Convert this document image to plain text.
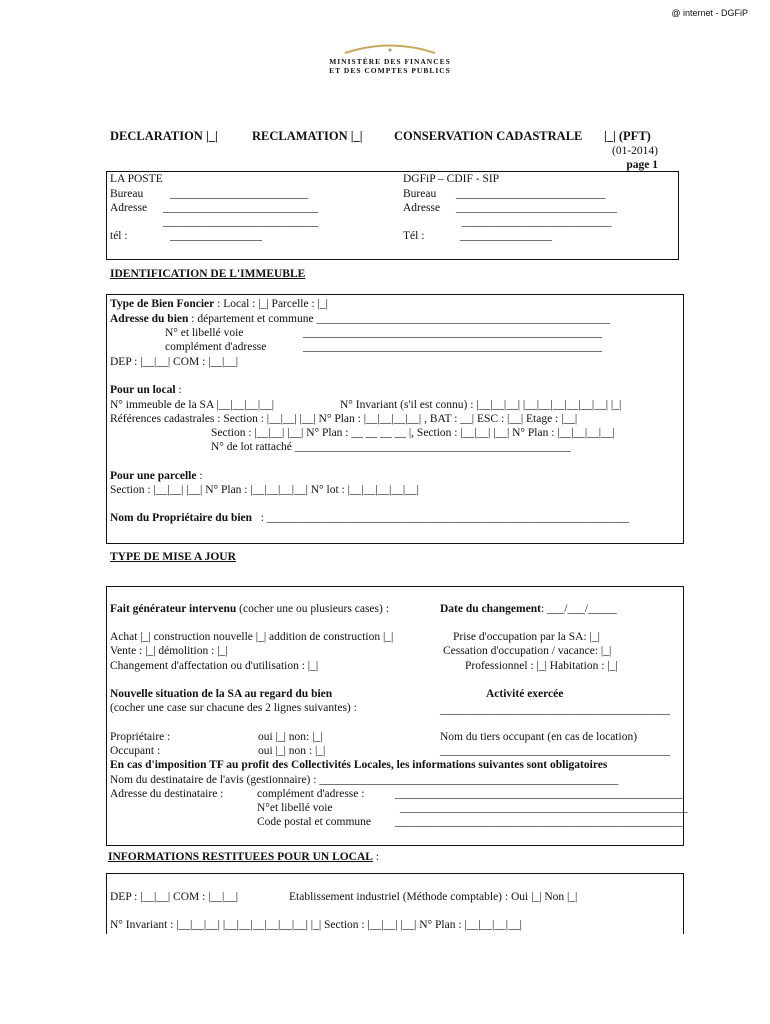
@ internet - DGFiP
MINISTÈRE DES FINANCES
ET DES COMPTES PUBLICS
DECLARATION |_|	RECLAMATION |_|	CONSERVATION CADASTRALE |_| (PFT)
(01-2014)
page 1
LA POSTE
Bureau ________________________
Adresse ___________________________
___________________________
tél :	________________
DGFiP – CDIF - SIP
Bureau __________________________
Adresse ____________________________
__________________________
Tél :	________________
IDENTIFICATION DE L'IMMEUBLE
Type de Bien Foncier : Local : |_| Parcelle : |_|
Adresse du bien : département et commune ___________________________________________________
N° et libellé voie	____________________________________________________
complément d'adresse	____________________________________________________
DEP : |__|__| COM : |__|__|
Pour un local :
N° immeuble de la SA |__|__|__|__|	N° Invariant (s'il est connu) : |__|__|__| |__|__|__|__|__|__| |_|
Références cadastrales : Section : |__|__| |__| N° Plan : |__|__|__|__| , BAT : __| ESC : |__| Etage : |__|
Section : |__|__| |__| N° Plan : __ __ __ __ |, Section : |__|__| |__| N° Plan : |__|__|__|__|
N° de lot rattaché ________________________________________________
Pour une parcelle :
Section : |__|__| |__| N° Plan : |__|__|__|__| N° lot : |__|__|__|__|__|
Nom du Propriétaire du bien : _______________________________________________________________
TYPE DE MISE A JOUR
Fait générateur intervenu (cocher une ou plusieurs cases) :	Date du changement: ___/___/_____
Achat |_| construction nouvelle |_| addition de construction |_|	Prise d'occupation par la SA: |_|
Vente : |_| démolition : |_|	Cessation d'occupation / vacance: |_|
Changement d'affectation ou d'utilisation : |_|	Professionnel : |_| Habitation : |_|
Nouvelle situation de la SA au regard du bien	Activité exercée
(cocher une case sur chacune des 2 lignes suivantes) :	________________________________________
Propriétaire :	oui |_| non: |_|	Nom du tiers occupant (en cas de location)
Occupant :	oui |_| non : |_|	________________________________________
En cas d'imposition TF au profit des Collectivités Locales, les informations suivantes sont obligatoires
Nom du destinataire de l'avis (gestionnaire) : ____________________________________________________
Adresse du destinataire :	complément d'adresse :	__________________________________________________
N°et libellé voie	__________________________________________________
Code postal et commune __________________________________________________
INFORMATIONS RESTITUEES POUR UN LOCAL :
DEP : |__|__| COM : |__|__|	Etablissement industriel (Méthode comptable) : Oui |_| Non |_|
N° Invariant : |__|__|__| |__|__|__|__|__|__| |_| Section : |__|__| |__| N° Plan : |__|__|__|__|
